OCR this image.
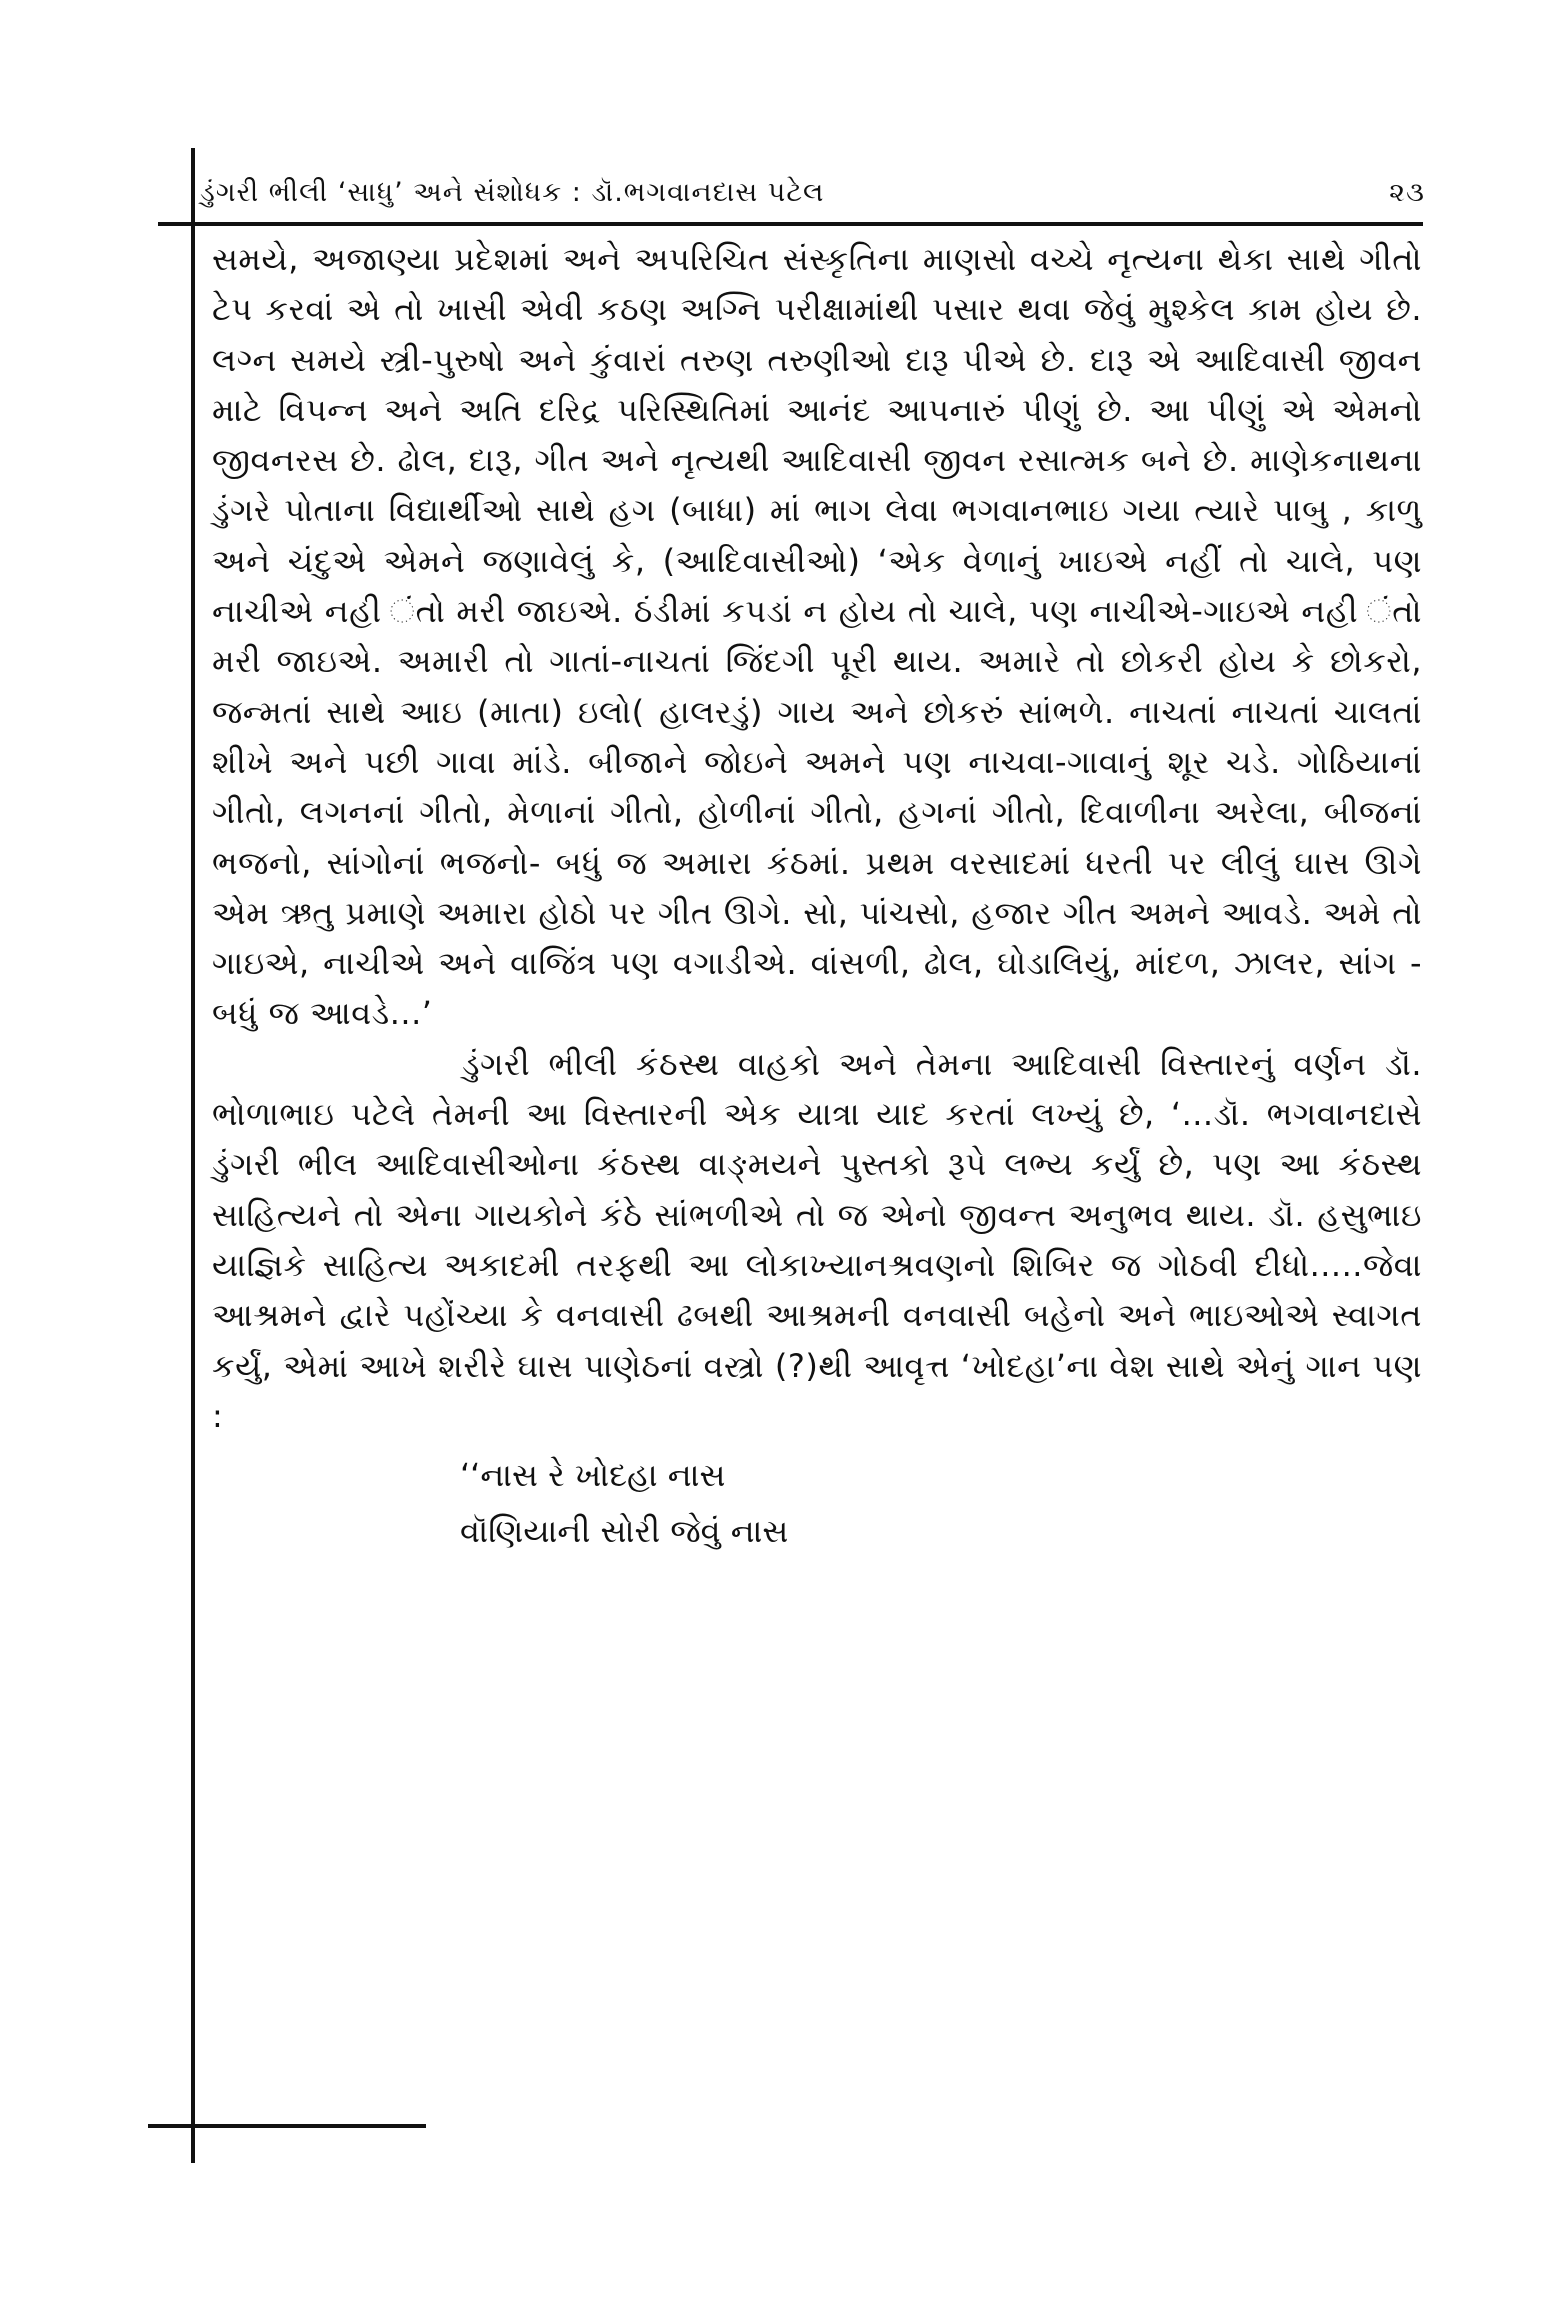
ડુંગરી ભીલી ‘સાધુ’ અને સંશોધક : ડૉ.ભગવાનદાસ પટેલ	૨૩

સમયે, અજાણ્યા પ્રદેશમાં અને અપરિચિત સંસ્કૃતિના માણસો વચ્ચે નૃત્યના થેકા સાથે ગીતો ટેપ કરવાં એ તો ખાસી એવી કઠણ અગ્નિ પરીક્ષામાંથી પસાર થવા જેવું મુશ્કેલ કામ હોય છે. લગ્ન સમયે સ્ત્રી-પુરુષો અને કુંવારાં તરુણ તરુણીઓ દારૂ પીએ છે. દારૂ એ આદિવાસી જીવન માટે વિપન્ન અને અતિ દરિદ્ર પરિસ્થિતિમાં આનંદ આપનારું પીણું છે. આ પીણું એ એમનો જીવનરસ છે. ઢોલ, દારૂ, ગીત અને નૃત્યથી આદિવાસી જીવન રસાત્મક બને છે. માણેકનાથના ડુંગરે પોતાના વિદ્યાર્થીઓ સાથે હગ (બાધા) માં ભાગ લેવા ભગવાનભાઇ ગયા ત્યારે પાબુ , કાળુ અને ચંદુએ એમને જણાવેલું કે, (આદિવાસીઓ) ‘એક વેળાનું ખાઇએ નહીં તો ચાલે, પણ નાચીએ નહી ંતો મરી જાઇએ. ઠંડીમાં કપડાં ન હોય તો ચાલે, પણ નાચીએ-ગાઇએ નહી ંતો મરી જાઇએ. અમારી તો ગાતાં-નાચતાં જિંદગી પૂરી થાય. અમારે તો છોકરી હોય કે છોકરો, જન્મતાં સાથે આઇ (માતા) ઇલો( હાલરડું) ગાય અને છોકરું સાંભળે. નાચતાં નાચતાં ચાલતાં શીખે અને પછી ગાવા માંડે. બીજાને જોઇને અમને પણ નાચવા-ગાવાનું શૂર ચડે. ગોઠિયાનાં ગીતો, લગનનાં ગીતો, મેળાનાં ગીતો, હોળીનાં ગીતો, હગનાં ગીતો, દિવાળીના અરેલા, બીજનાં ભજનો, સાંગોનાં ભજનો- બધું જ અમારા કંઠમાં. પ્રથમ વરસાદમાં ધરતી પર લીલું ઘાસ ઊગે એમ ઋતુ પ્રમાણે અમારા હોઠો પર ગીત ઊગે. સો, પાંચસો, હજાર ગીત અમને આવડે. અમે તો ગાઇએ, નાચીએ અને વાજિંત્ર પણ વગાડીએ. વાંસળી, ઢોલ, ઘોડાલિયું, માંદળ, ઝાલર, સાંગ - બધું જ આવડે...’

ડુંગરી ભીલી કંઠસ્થ વાહકો અને તેમના આદિવાસી વિસ્તારનું વર્ણન ડૉ. ભોળાભાઇ પટેલે તેમની આ વિસ્તારની એક યાત્રા યાદ કરતાં લખ્યું છે, ‘...ડૉ. ભગવાનદાસે ડુંગરી ભીલ આદિવાસીઓના કંઠસ્થ વાઙ્મયને પુસ્તકો રૂપે લભ્ય કર્યું છે, પણ આ કંઠસ્થ સાહિત્યને તો એના ગાયકોને કંઠે સાંભળીએ તો જ એનો જીવન્ત અનુભવ થાય. ડૉ. હસુભાઇ યાજ્ઞિકે સાહિત્ય અકાદમી તરફથી આ લોકાખ્યાનશ્રવણનો શિબિર જ ગોઠવી દીધો.....જેવા આશ્રમને દ્વારે પહોંચ્યા કે વનવાસી ઢબથી આશ્રમની વનવાસી બહેનો અને ભાઇઓએ સ્વાગત કર્યું, એમાં આખે શરીરે ઘાસ પાણેઠનાં વસ્ત્રો (?)થી આવૃત્ત ‘ખોદહા’ના વેશ સાથે એનું ગાન પણ :

‘‘નાસ રે ખોદહા નાસ
વૉણિયાની સોરી જેવું નાસ
